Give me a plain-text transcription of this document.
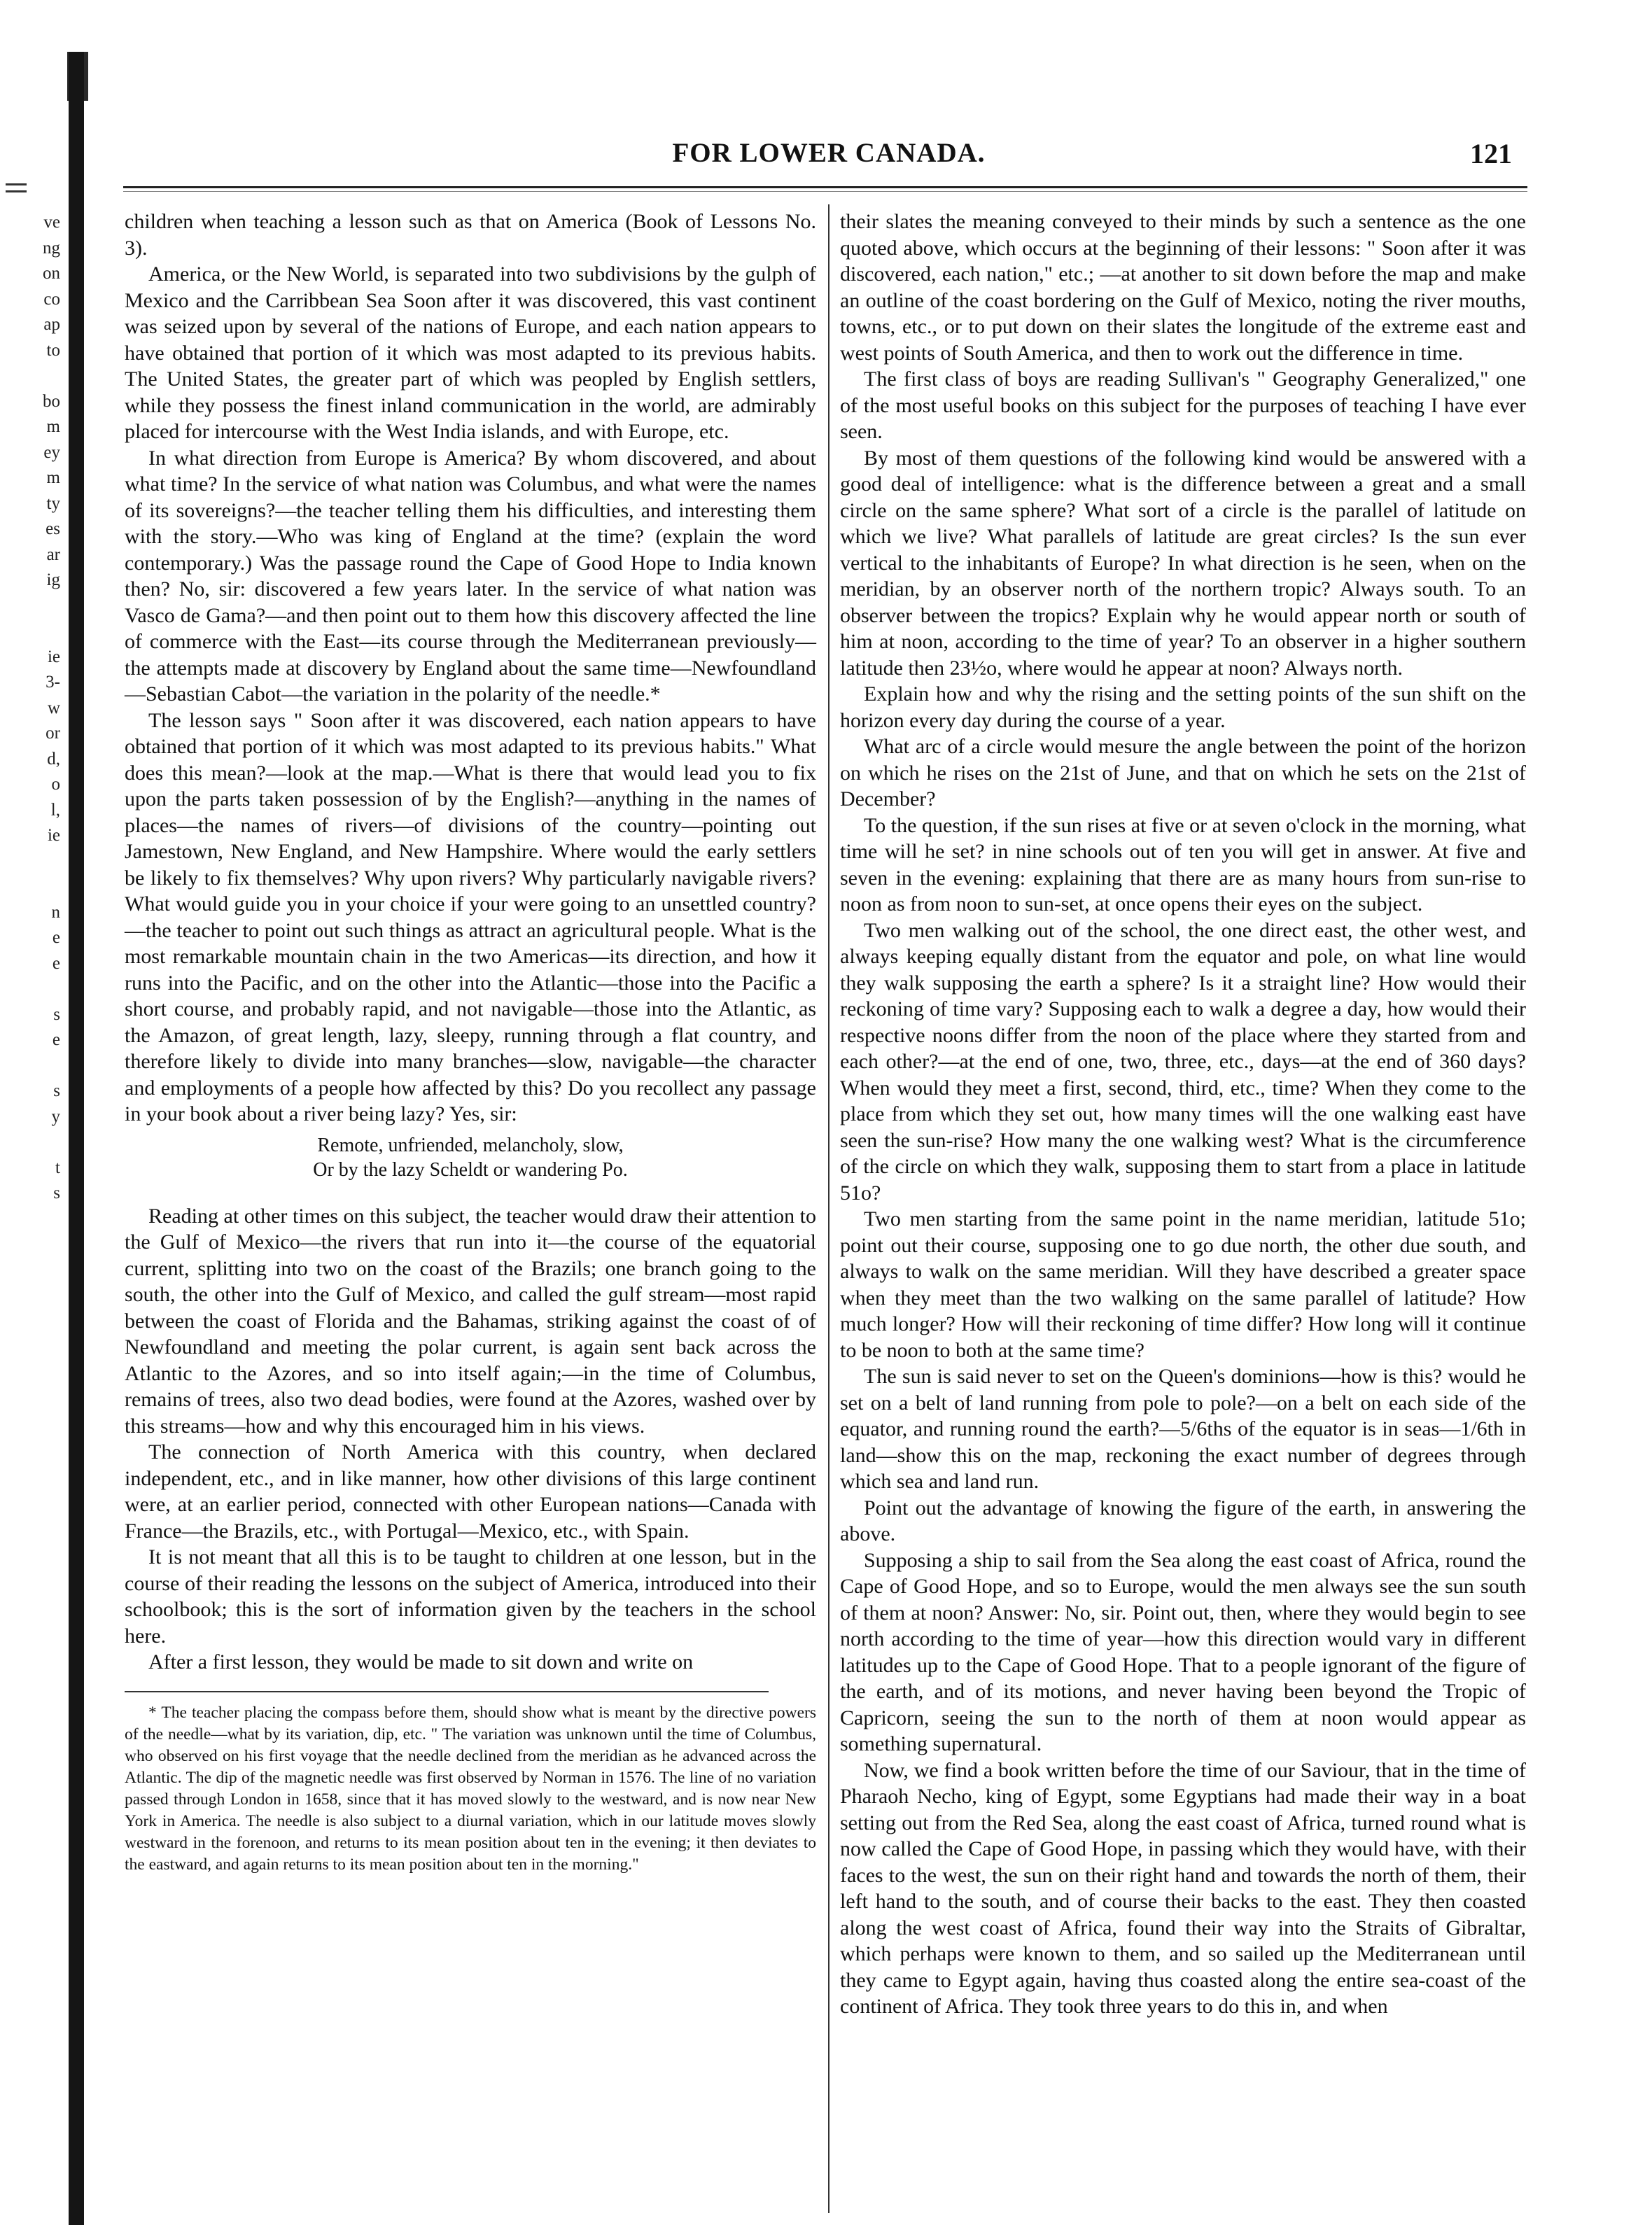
ve
ng
on
co
ap
to
bo
m
ey
m
ty
es
ar
ig
ie
3-
w
or
d,
o
l,
ie
n
e
e
s
e
s
y
t
s
FOR LOWER CANADA.	121

children when teaching a lesson such as that on America (Book of Lessons No. 3).

America, or the New World, is separated into two subdivisions by the gulph of Mexico and the Carribbean Sea Soon after it was discovered, this vast continent was seized upon by several of the nations of Europe, and each nation appears to have obtained that portion of it which was most adapted to its previous habits. The United States, the greater part of which was peopled by English settlers, while they possess the finest inland communication in the world, are admirably placed for intercourse with the West India islands, and with Europe, etc.

In what direction from Europe is America? By whom discovered, and about what time? In the service of what nation was Columbus, and what were the names of its sovereigns?—the teacher telling them his difficulties, and interesting them with the story.—Who was king of England at the time? (explain the word contemporary.) Was the passage round the Cape of Good Hope to India known then? No, sir: discovered a few years later. In the service of what nation was Vasco de Gama?—and then point out to them how this discovery affected the line of commerce with the East—its course through the Mediterranean previously—the attempts made at discovery by England about the same time—Newfoundland—Sebastian Cabot—the variation in the polarity of the needle.*

The lesson says " Soon after it was discovered, each nation appears to have obtained that portion of it which was most adapted to its previous habits." What does this mean?—look at the map.—What is there that would lead you to fix upon the parts taken possession of by the English?—anything in the names of places—the names of rivers—of divisions of the country—pointing out Jamestown, New England, and New Hampshire. Where would the early settlers be likely to fix themselves? Why upon rivers? Why particularly navigable rivers? What would guide you in your choice if your were going to an unsettled country?—the teacher to point out such things as attract an agricultural people. What is the most remarkable mountain chain in the two Americas—its direction, and how it runs into the Pacific, and on the other into the Atlantic—those into the Pacific a short course, and probably rapid, and not navigable—those into the Atlantic, as the Amazon, of great length, lazy, sleepy, running through a flat country, and therefore likely to divide into many branches—slow, navigable—the character and employments of a people how affected by this? Do you recollect any passage in your book about a river being lazy? Yes, sir:

Remote, unfriended, melancholy, slow,
Or by the lazy Scheldt or wandering Po.

Reading at other times on this subject, the teacher would draw their attention to the Gulf of Mexico—the rivers that run into it—the course of the equatorial current, splitting into two on the coast of the Brazils; one branch going to the south, the other into the Gulf of Mexico, and called the gulf stream—most rapid between the coast of Florida and the Bahamas, striking against the coast of of Newfoundland and meeting the polar current, is again sent back across the Atlantic to the Azores, and so into itself again;—in the time of Columbus, remains of trees, also two dead bodies, were found at the Azores, washed over by this streams—how and why this encouraged him in his views.

The connection of North America with this country, when declared independent, etc., and in like manner, how other divisions of this large continent were, at an earlier period, connected with other European nations—Canada with France—the Brazils, etc., with Portugal—Mexico, etc., with Spain.

It is not meant that all this is to be taught to children at one lesson, but in the course of their reading the lessons on the subject of America, introduced into their schoolbook; this is the sort of information given by the teachers in the school here.

After a first lesson, they would be made to sit down and write on

* The teacher placing the compass before them, should show what is meant by the directive powers of the needle—what by its variation, dip, etc. " The variation was unknown until the time of Columbus, who observed on his first voyage that the needle declined from the meridian as he advanced across the Atlantic. The dip of the magnetic needle was first observed by Norman in 1576. The line of no variation passed through London in 1658, since that it has moved slowly to the westward, and is now near New York in America. The needle is also subject to a diurnal variation, which in our latitude moves slowly westward in the forenoon, and returns to its mean position about ten in the evening; it then deviates to the eastward, and again returns to its mean position about ten in the morning."

their slates the meaning conveyed to their minds by such a sentence as the one quoted above, which occurs at the beginning of their lessons: " Soon after it was discovered, each nation," etc.; —at another to sit down before the map and make an outline of the coast bordering on the Gulf of Mexico, noting the river mouths, towns, etc., or to put down on their slates the longitude of the extreme east and west points of South America, and then to work out the difference in time.

The first class of boys are reading Sullivan's " Geography Generalized," one of the most useful books on this subject for the purposes of teaching I have ever seen.

By most of them questions of the following kind would be answered with a good deal of intelligence: what is the difference between a great and a small circle on the same sphere? What sort of a circle is the parallel of latitude on which we live? What parallels of latitude are great circles? Is the sun ever vertical to the inhabitants of Europe? In what direction is he seen, when on the meridian, by an observer north of the northern tropic? Always south. To an observer between the tropics? Explain why he would appear north or south of him at noon, according to the time of year? To an observer in a higher southern latitude then 23½o, where would he appear at noon? Always north.

Explain how and why the rising and the setting points of the sun shift on the horizon every day during the course of a year.

What arc of a circle would mesure the angle between the point of the horizon on which he rises on the 21st of June, and that on which he sets on the 21st of December?

To the question, if the sun rises at five or at seven o'clock in the morning, what time will he set? in nine schools out of ten you will get in answer. At five and seven in the evening: explaining that there are as many hours from sun-rise to noon as from noon to sun-set, at once opens their eyes on the subject.

Two men walking out of the school, the one direct east, the other west, and always keeping equally distant from the equator and pole, on what line would they walk supposing the earth a sphere? Is it a straight line? How would their reckoning of time vary? Supposing each to walk a degree a day, how would their respective noons differ from the noon of the place where they started from and each other?—at the end of one, two, three, etc., days—at the end of 360 days? When would they meet a first, second, third, etc., time? When they come to the place from which they set out, how many times will the one walking east have seen the sun-rise? How many the one walking west? What is the circumference of the circle on which they walk, supposing them to start from a place in latitude 51o?

Two men starting from the same point in the name meridian, latitude 51o; point out their course, supposing one to go due north, the other due south, and always to walk on the same meridian. Will they have described a greater space when they meet than the two walking on the same parallel of latitude? How much longer? How will their reckoning of time differ? How long will it continue to be noon to both at the same time?

The sun is said never to set on the Queen's dominions—how is this? would he set on a belt of land running from pole to pole?—on a belt on each side of the equator, and running round the earth?—5/6ths of the equator is in seas—1/6th in land—show this on the map, reckoning the exact number of degrees through which sea and land run.

Point out the advantage of knowing the figure of the earth, in answering the above.

Supposing a ship to sail from the Sea along the east coast of Africa, round the Cape of Good Hope, and so to Europe, would the men always see the sun south of them at noon? Answer: No, sir. Point out, then, where they would begin to see north according to the time of year—how this direction would vary in different latitudes up to the Cape of Good Hope. That to a people ignorant of the figure of the earth, and of its motions, and never having been beyond the Tropic of Capricorn, seeing the sun to the north of them at noon would appear as something supernatural.

Now, we find a book written before the time of our Saviour, that in the time of Pharaoh Necho, king of Egypt, some Egyptians had made their way in a boat setting out from the Red Sea, along the east coast of Africa, turned round what is now called the Cape of Good Hope, in passing which they would have, with their faces to the west, the sun on their right hand and towards the north of them, their left hand to the south, and of course their backs to the east. They then coasted along the west coast of Africa, found their way into the Straits of Gibraltar, which perhaps were known to them, and so sailed up the Mediterranean until they came to Egypt again, having thus coasted along the entire sea-coast of the continent of Africa. They took three years to do this in, and when
